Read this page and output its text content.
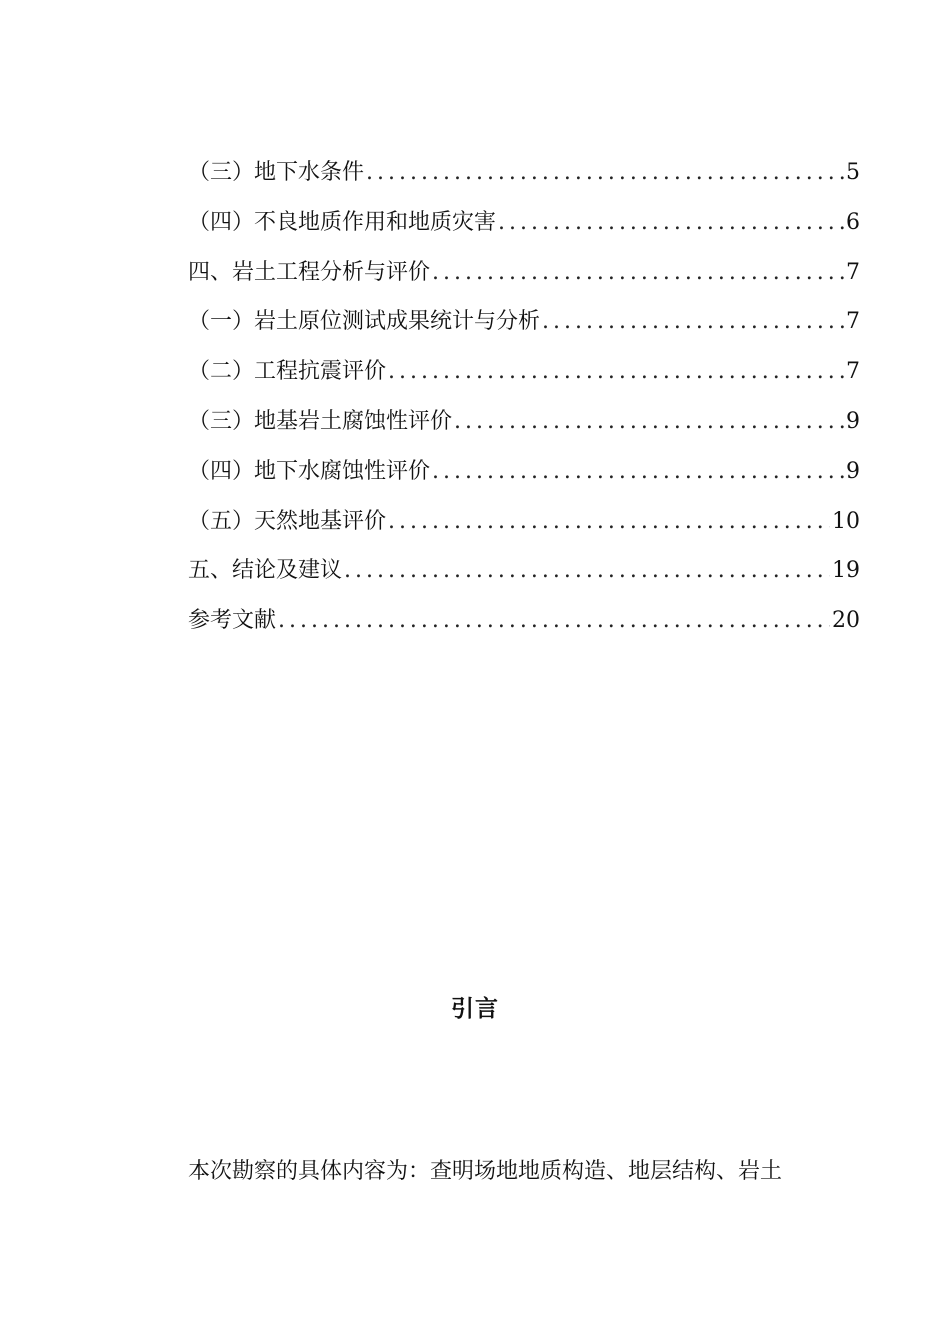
（三）地下水条件 .....	5
（四）不良地质作用和地质灾害 .....	6
四、岩土工程分析与评价 .....	7
（一）岩土原位测试成果统计与分析 .....	7
（二）工程抗震评价 .....	7
（三）地基岩土腐蚀性评价 .....	9
（四）地下水腐蚀性评价 .....	9
（五）天然地基评价 .....	10
五、结论及建议 .....	19
参考文献 .....	20
引言
本次勘察的具体内容为：查明场地地质构造、地层结构、岩土
